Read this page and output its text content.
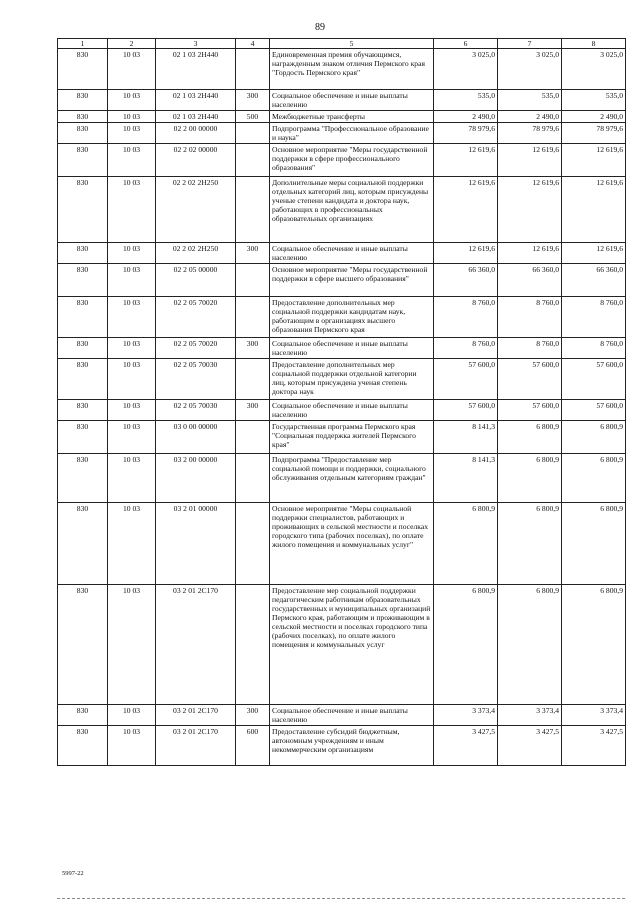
89
1	2	3	4	5	6	7	8
830	10 03	02 1 03 2Н440		Единовременная премия обучающимся, награжденным знаком отличия Пермского края "Гордость Пермского края"	3 025,0	3 025,0	3 025,0
830	10 03	02 1 03 2Н440	300	Социальное обеспечение и иные выплаты населению	535,0	535,0	535,0
830	10 03	02 1 03 2Н440	500	Межбюджетные трансферты	2 490,0	2 490,0	2 490,0
830	10 03	02 2 00 00000		Подпрограмма "Профессиональное образование и наука"	78 979,6	78 979,6	78 979,6
830	10 03	02 2 02 00000		Основное мероприятие "Меры государственной поддержки в сфере профессионального образования"	12 619,6	12 619,6	12 619,6
830	10 03	02 2 02 2Н250		Дополнительные меры социальной поддержки отдельных категорий лиц, которым присуждены ученые степени кандидата и доктора наук, работающих в профессиональных образовательных организациях	12 619,6	12 619,6	12 619,6
830	10 03	02 2 02 2Н250	300	Социальное обеспечение и иные выплаты населению	12 619,6	12 619,6	12 619,6
830	10 03	02 2 05 00000		Основное мероприятие "Меры государственной поддержки в сфере высшего образования"	66 360,0	66 360,0	66 360,0
830	10 03	02 2 05 70020		Предоставление дополнительных мер социальной поддержки кандидатам наук, работающим в организациях высшего образования Пермского края	8 760,0	8 760,0	8 760,0
830	10 03	02 2 05 70020	300	Социальное обеспечение и иные выплаты населению	8 760,0	8 760,0	8 760,0
830	10 03	02 2 05 70030		Предоставление дополнительных мер социальной поддержки отдельной категории лиц, которым присуждена ученая степень доктора наук	57 600,0	57 600,0	57 600,0
830	10 03	02 2 05 70030	300	Социальное обеспечение и иные выплаты населению	57 600,0	57 600,0	57 600,0
830	10 03	03 0 00 00000		Государственная программа Пермского края "Социальная поддержка жителей Пермского края"	8 141,3	6 800,9	6 800,9
830	10 03	03 2 00 00000		Подпрограмма "Предоставление мер социальной помощи и поддержки, социального обслуживания отдельным категориям граждан"	8 141,3	6 800,9	6 800,9
830	10 03	03 2 01 00000		Основное мероприятие "Меры социальной поддержки специалистов, работающих и проживающих в сельской местности и поселках городского типа (рабочих поселках), по оплате жилого помещения и коммунальных услуг"	6 800,9	6 800,9	6 800,9
830	10 03	03 2 01 2С170		Предоставление мер социальной поддержки педагогическим работникам образовательных государственных и муниципальных организаций Пермского края, работающим и проживающим в сельской местности и поселках городского типа (рабочих поселках), по оплате жилого помещения и коммунальных услуг	6 800,9	6 800,9	6 800,9
830	10 03	03 2 01 2С170	300	Социальное обеспечение и иные выплаты населению	3 373,4	3 373,4	3 373,4
830	10 03	03 2 01 2С170	600	Предоставление субсидий бюджетным, автономным учреждениям и иным некоммерческим организациям	3 427,5	3 427,5	3 427,5
5997-22
